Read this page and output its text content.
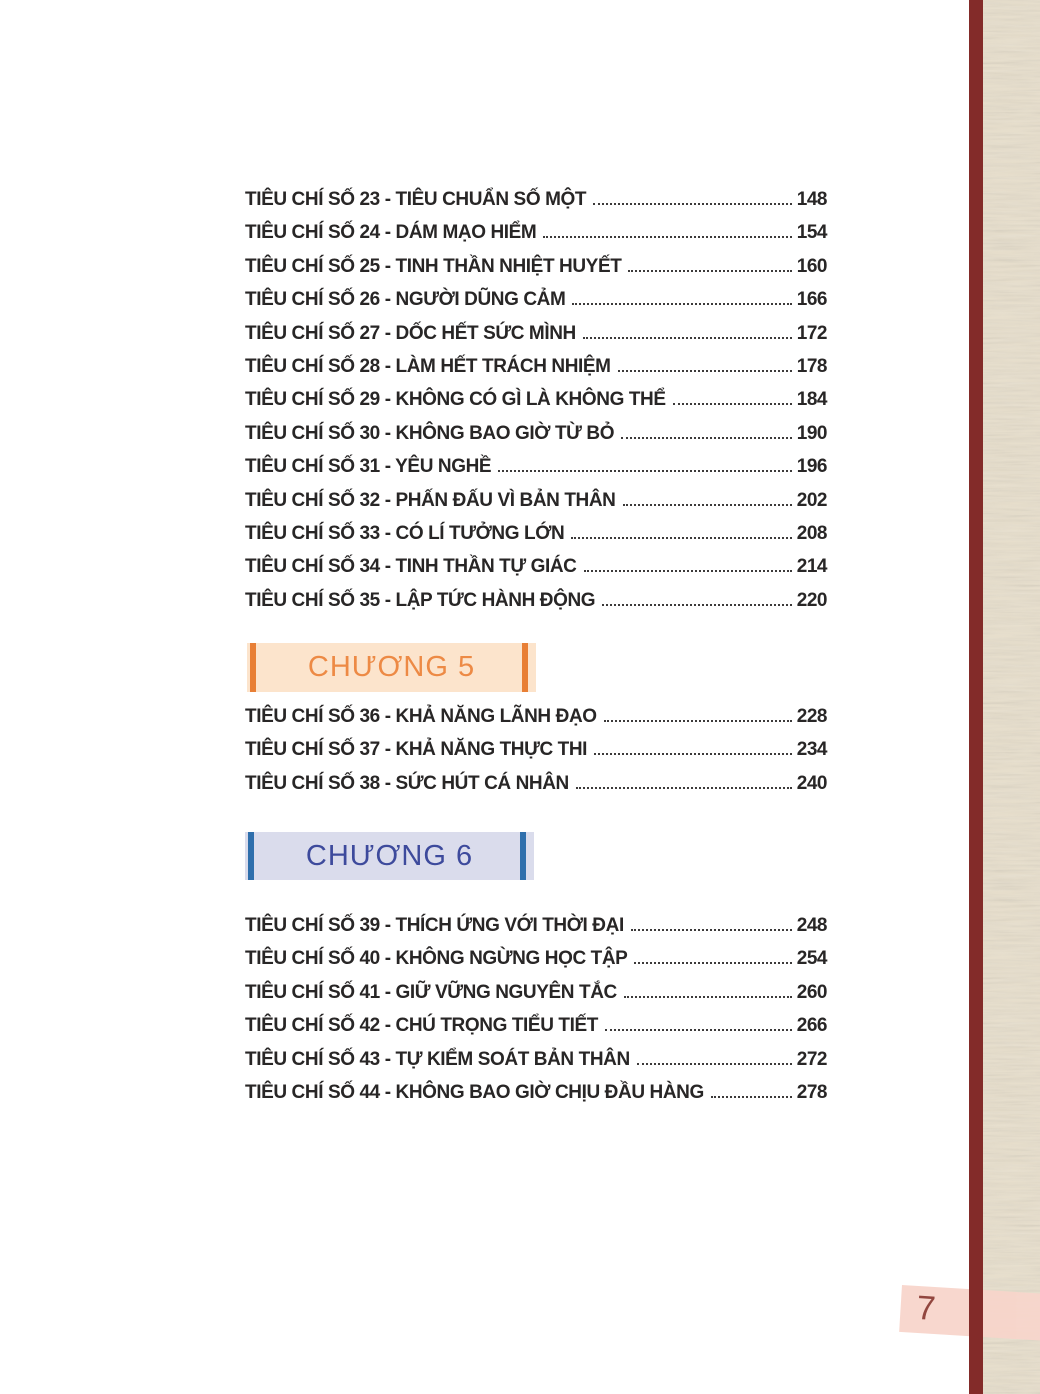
TIÊU CHÍ SỐ 23 - TIÊU CHUẨN SỐ MỘT	148
TIÊU CHÍ SỐ 24 - DÁM MẠO HIỂM	154
TIÊU CHÍ SỐ 25 - TINH THẦN NHIỆT HUYẾT	160
TIÊU CHÍ SỐ 26 - NGƯỜI DŨNG CẢM	166
TIÊU CHÍ SỐ 27 - DỐC HẾT SỨC MÌNH	172
TIÊU CHÍ SỐ 28 - LÀM HẾT TRÁCH NHIỆM	178
TIÊU CHÍ SỐ 29 - KHÔNG CÓ GÌ LÀ KHÔNG THỂ	184
TIÊU CHÍ SỐ 30 - KHÔNG BAO GIỜ TỪ BỎ	190
TIÊU CHÍ SỐ 31 - YÊU NGHỀ	196
TIÊU CHÍ SỐ 32 - PHẤN ĐẤU VÌ BẢN THÂN	202
TIÊU CHÍ SỐ 33 - CÓ LÍ TƯỞNG LỚN	208
TIÊU CHÍ SỐ 34 - TINH THẦN TỰ GIÁC	214
TIÊU CHÍ SỐ 35 - LẬP TỨC HÀNH ĐỘNG	220
CHƯƠNG 5
TIÊU CHÍ SỐ 36 - KHẢ NĂNG LÃNH ĐẠO	228
TIÊU CHÍ SỐ 37 - KHẢ NĂNG THỰC THI	234
TIÊU CHÍ SỐ 38 - SỨC HÚT CÁ NHÂN	240
CHƯƠNG 6
TIÊU CHÍ SỐ 39 - THÍCH ỨNG VỚI THỜI ĐẠI	248
TIÊU CHÍ SỐ 40 - KHÔNG NGỪNG HỌC TẬP	254
TIÊU CHÍ SỐ 41 - GIỮ VỮNG NGUYÊN TẮC	260
TIÊU CHÍ SỐ 42 - CHÚ TRỌNG TIỂU TIẾT	266
TIÊU CHÍ SỐ 43 - TỰ KIỂM SOÁT BẢN THÂN	272
TIÊU CHÍ SỐ 44 - KHÔNG BAO GIỜ CHỊU ĐẦU HÀNG	278
7
